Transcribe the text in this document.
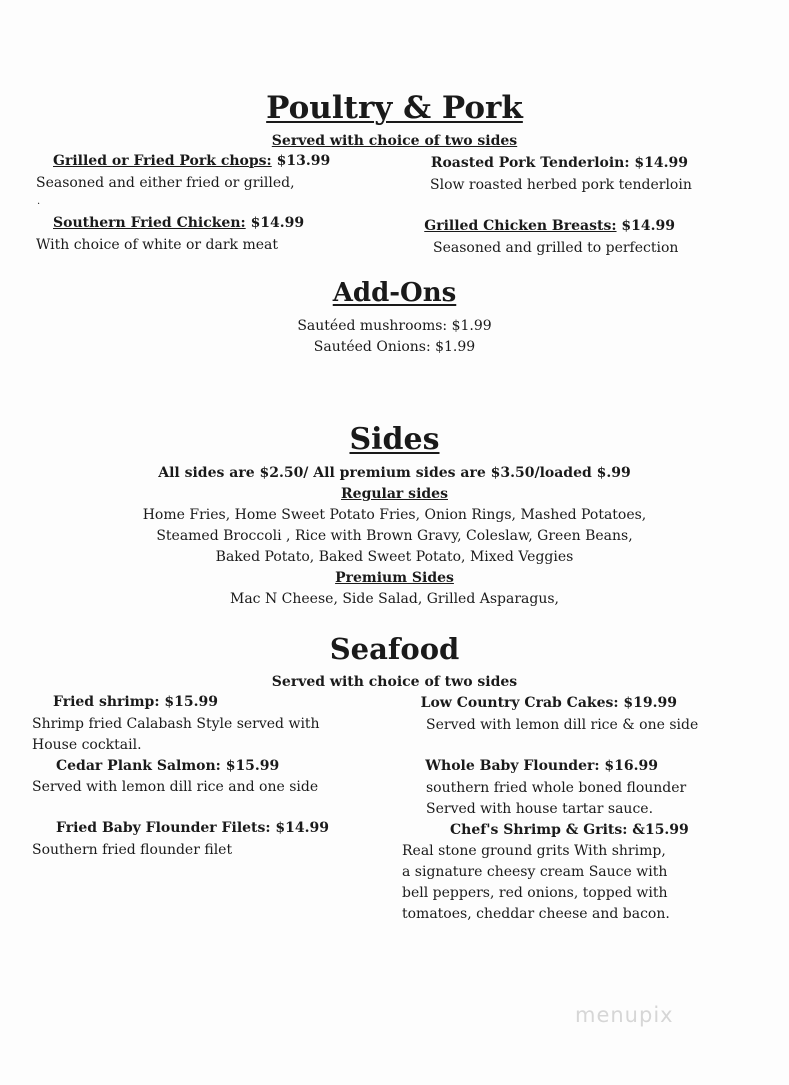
Poultry & Pork
Served with choice of two sides
Grilled or Fried Pork chops: $13.99
Seasoned and either fried or grilled,
.
Roasted Pork Tenderloin: $14.99
Slow roasted herbed pork tenderloin
Southern Fried Chicken: $14.99
With choice of white or dark meat
Grilled Chicken Breasts: $14.99
Seasoned and grilled to perfection
Add-Ons
Sautéed mushrooms: $1.99
Sautéed Onions: $1.99
Sides
All sides are $2.50/ All premium sides are $3.50/loaded $.99
Regular sides
Home Fries, Home Sweet Potato Fries, Onion Rings, Mashed Potatoes,
Steamed Broccoli , Rice with Brown Gravy, Coleslaw, Green Beans,
Baked Potato, Baked Sweet Potato, Mixed Veggies
Premium Sides
Mac N Cheese, Side Salad, Grilled Asparagus,
Seafood
Served with choice of two sides
Fried shrimp: $15.99
Shrimp fried Calabash Style served with
House cocktail.
Cedar Plank Salmon: $15.99
Served with lemon dill rice and one side
Fried Baby Flounder Filets: $14.99
Southern fried flounder filet
Low Country Crab Cakes: $19.99
Served with lemon dill rice & one side
Whole Baby Flounder: $16.99
southern fried whole boned flounder
Served with house tartar sauce.
Chef's Shrimp & Grits: &15.99
Real stone ground grits With shrimp,
a signature cheesy cream Sauce with
bell peppers, red onions, topped with
tomatoes, cheddar cheese and bacon.
menupix
